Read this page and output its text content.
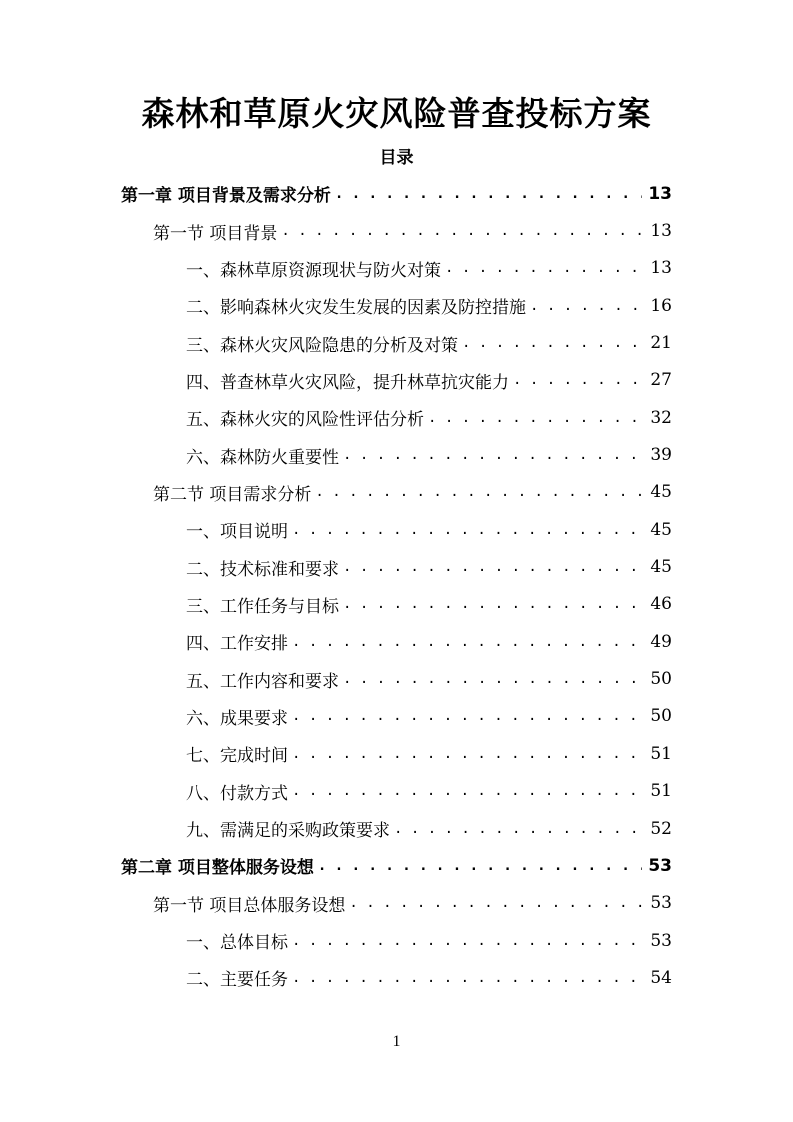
森林和草原火灾风险普查投标方案
目录
第一章 项目背景及需求分析 . . .	13
第一节 项目背景 . . .	13
一、森林草原资源现状与防火对策 . . .	13
二、影响森林火灾发生发展的因素及防控措施 . . .	16
三、森林火灾风险隐患的分析及对策 . . .	21
四、普查林草火灾风险，提升林草抗灾能力 . . .	27
五、森林火灾的风险性评估分析 . . .	32
六、森林防火重要性 . . .	39
第二节 项目需求分析 . . .	45
一、项目说明 . . .	45
二、技术标准和要求 . . .	45
三、工作任务与目标 . . .	46
四、工作安排 . . .	49
五、工作内容和要求 . . .	50
六、成果要求 . . .	50
七、完成时间 . . .	51
八、付款方式 . . .	51
九、需满足的采购政策要求 . . .	52
第二章 项目整体服务设想 . . .	53
第一节 项目总体服务设想 . . .	53
一、总体目标 . . .	53
二、主要任务 . . .	54
1
